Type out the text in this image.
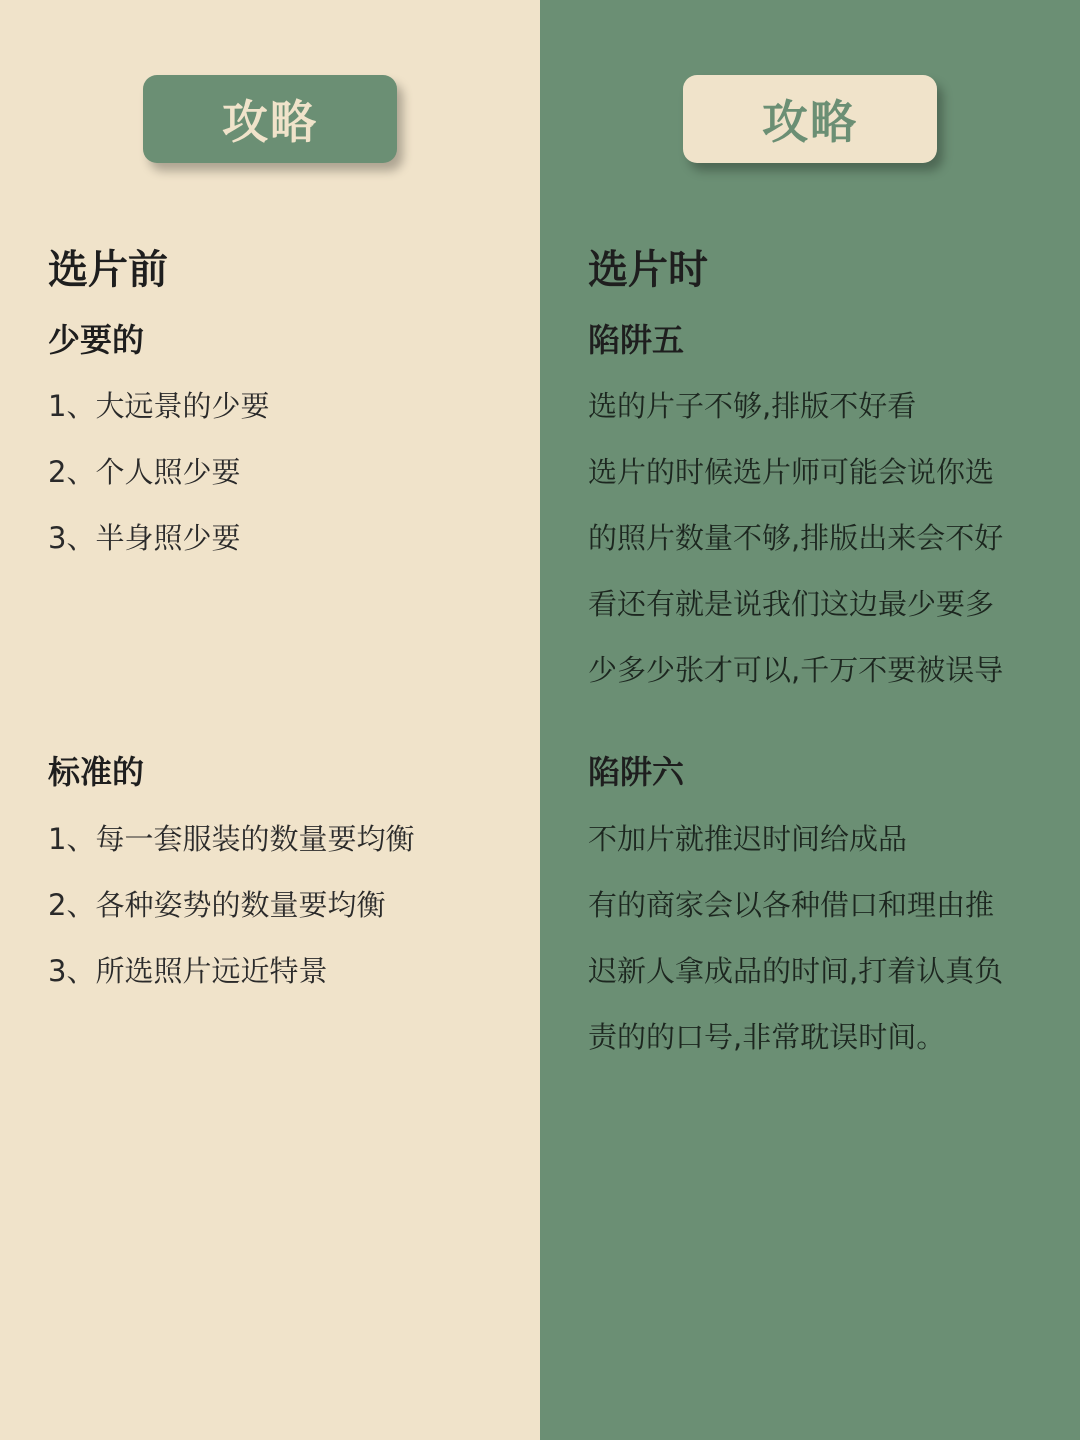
攻略
选片前
少要的
1、大远景的少要
2、个人照少要
3、半身照少要
标准的
1、每一套服装的数量要均衡
2、各种姿势的数量要均衡
3、所选照片远近特景
攻略
选片时
陷阱五
选的片子不够,排版不好看
选片的时候选片师可能会说你选
的照片数量不够,排版出来会不好
看还有就是说我们这边最少要多
少多少张才可以,千万不要被误导
陷阱六
不加片就推迟时间给成品
有的商家会以各种借口和理由推
迟新人拿成品的时间,打着认真负
责的的口号,非常耽误时间。
